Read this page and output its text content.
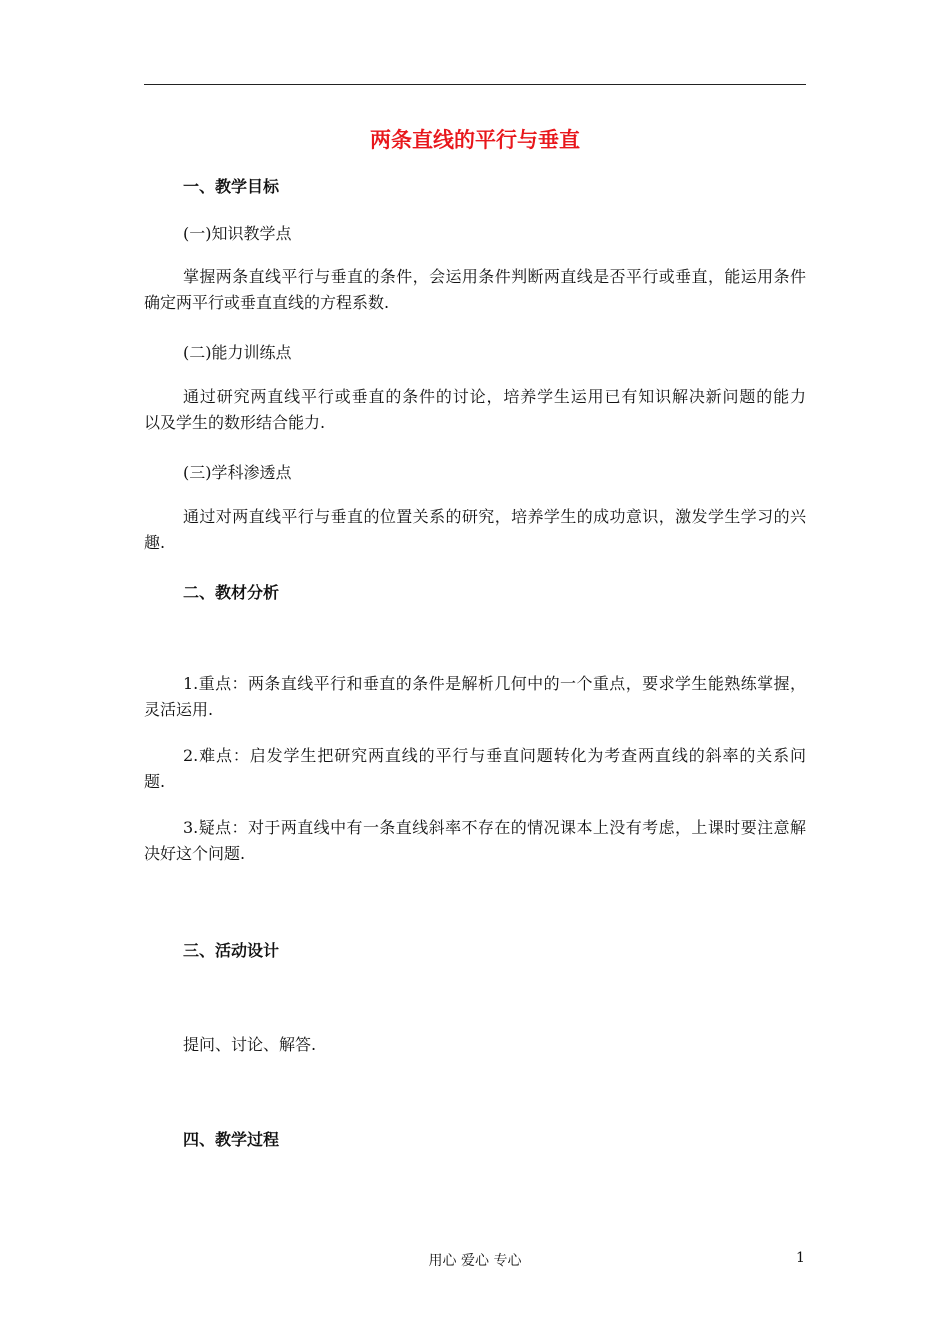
两条直线的平行与垂直
一、教学目标
(一)知识教学点
掌握两条直线平行与垂直的条件，会运用条件判断两直线是否平行或垂直，能运用条件
确定两平行或垂直直线的方程系数.
(二)能力训练点
通过研究两直线平行或垂直的条件的讨论，培养学生运用已有知识解决新问题的能力
以及学生的数形结合能力.
(三)学科渗透点
通过对两直线平行与垂直的位置关系的研究，培养学生的成功意识，激发学生学习的兴
趣.
二、教材分析
1.重点：两条直线平行和垂直的条件是解析几何中的一个重点，要求学生能熟练掌握，
灵活运用.
2.难点：启发学生把研究两直线的平行与垂直问题转化为考查两直线的斜率的关系问
题.
3.疑点：对于两直线中有一条直线斜率不存在的情况课本上没有考虑，上课时要注意解
决好这个问题.
三、活动设计
提问、讨论、解答.
四、教学过程
用心 爱心 专心	1
